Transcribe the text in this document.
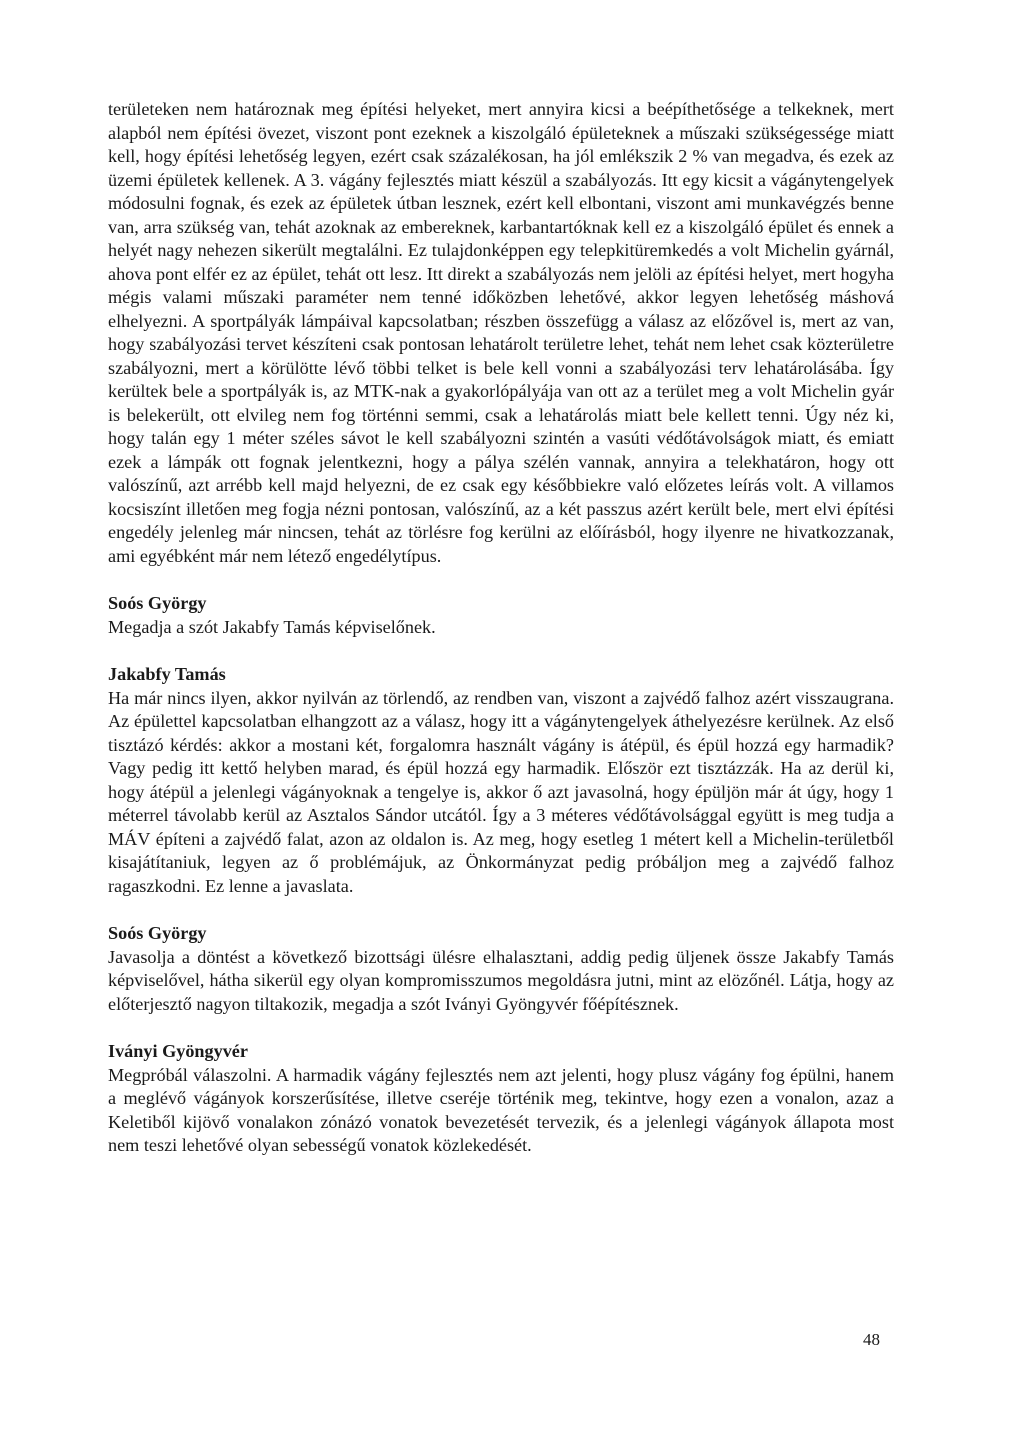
területeken nem határoznak meg építési helyeket, mert annyira kicsi a beépíthetősége a telkeknek, mert alapból nem építési övezet, viszont pont ezeknek a kiszolgáló épületeknek a műszaki szükségessége miatt kell, hogy építési lehetőség legyen, ezért csak százalékosan, ha jól emlékszik 2 % van megadva, és ezek az üzemi épületek kellenek. A 3. vágány fejlesztés miatt készül a szabályozás. Itt egy kicsit a vágánytengelyek módosulni fognak, és ezek az épületek útban lesznek, ezért kell elbontani, viszont ami munkavégzés benne van, arra szükség van, tehát azoknak az embereknek, karbantartóknak kell ez a kiszolgáló épület és ennek a helyét nagy nehezen sikerült megtalálni. Ez tulajdonképpen egy telepkitüremkedés a volt Michelin gyárnál, ahova pont elfér ez az épület, tehát ott lesz. Itt direkt a szabályozás nem jelöli az építési helyet, mert hogyha mégis valami műszaki paraméter nem tenné időközben lehetővé, akkor legyen lehetőség máshová elhelyezni. A sportpályák lámpáival kapcsolatban; részben összefügg a válasz az előzővel is, mert az van, hogy szabályozási tervet készíteni csak pontosan lehatárolt területre lehet, tehát nem lehet csak közterületre szabályozni, mert a körülötte lévő többi telket is bele kell vonni a szabályozási terv lehatárolásába. Így kerültek bele a sportpályák is, az MTK-nak a gyakorlópályája van ott az a terület meg a volt Michelin gyár is belekerült, ott elvileg nem fog történni semmi, csak a lehatárolás miatt bele kellett tenni. Úgy néz ki, hogy talán egy 1 méter széles sávot le kell szabályozni szintén a vasúti védőtávolságok miatt, és emiatt ezek a lámpák ott fognak jelentkezni, hogy a pálya szélén vannak, annyira a telekhatáron, hogy ott valószínű, azt arrébb kell majd helyezni, de ez csak egy későbbiekre való előzetes leírás volt. A villamos kocsiszínt illetően meg fogja nézni pontosan, valószínű, az a két passzus azért került bele, mert elvi építési engedély jelenleg már nincsen, tehát az törlésre fog kerülni az előírásból, hogy ilyenre ne hivatkozzanak, ami egyébként már nem létező engedélytípus.

Soós György

Megadja a szót Jakabfy Tamás képviselőnek.

Jakabfy Tamás

Ha már nincs ilyen, akkor nyilván az törlendő, az rendben van, viszont a zajvédő falhoz azért visszaugrana. Az épülettel kapcsolatban elhangzott az a válasz, hogy itt a vágánytengelyek áthelyezésre kerülnek. Az első tisztázó kérdés: akkor a mostani két, forgalomra használt vágány is átépül, és épül hozzá egy harmadik? Vagy pedig itt kettő helyben marad, és épül hozzá egy harmadik. Először ezt tisztázzák. Ha az derül ki, hogy átépül a jelenlegi vágányoknak a tengelye is, akkor ő azt javasolná, hogy épüljön már át úgy, hogy 1 méterrel távolabb kerül az Asztalos Sándor utcától. Így a 3 méteres védőtávolsággal együtt is meg tudja a MÁV építeni a zajvédő falat, azon az oldalon is. Az meg, hogy esetleg 1 métert kell a Michelin-területből kisajátítaniuk, legyen az ő problémájuk, az Önkormányzat pedig próbáljon meg a zajvédő falhoz ragaszkodni. Ez lenne a javaslata.

Soós György

Javasolja a döntést a következő bizottsági ülésre elhalasztani, addig pedig üljenek össze Jakabfy Tamás képviselővel, hátha sikerül egy olyan kompromisszumos megoldásra jutni, mint az elözőnél. Látja, hogy az előterjesztő nagyon tiltakozik, megadja a szót Iványi Gyöngyvér főépítésznek.

Iványi Gyöngyvér

Megpróbál válaszolni. A harmadik vágány fejlesztés nem azt jelenti, hogy plusz vágány fog épülni, hanem a meglévő vágányok korszerűsítése, illetve cseréje történik meg, tekintve, hogy ezen a vonalon, azaz a Keletiből kijövő vonalakon zónázó vonatok bevezetését tervezik, és a jelenlegi vágányok állapota most nem teszi lehetővé olyan sebességű vonatok közlekedését.

48
